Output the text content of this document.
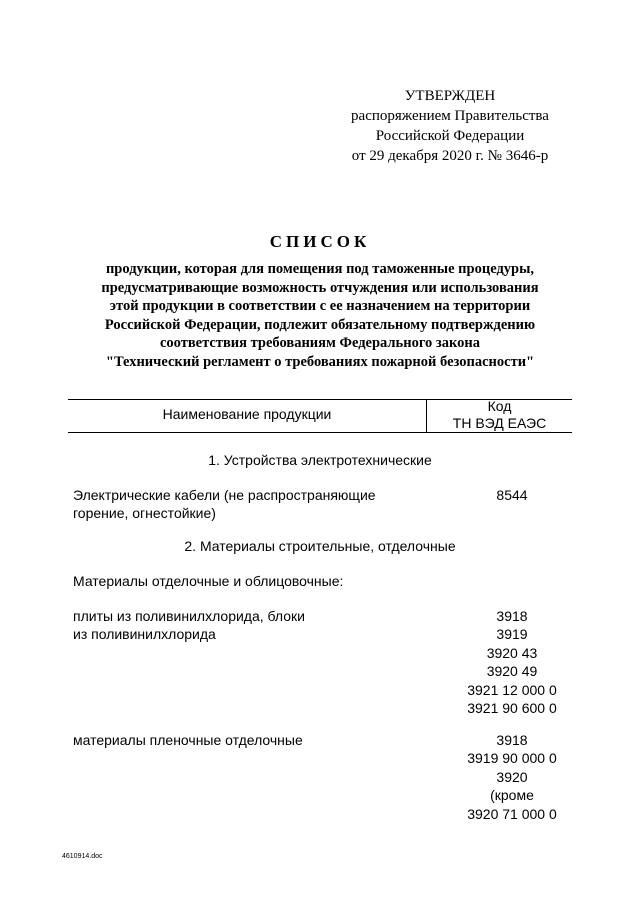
УТВЕРЖДЕН
распоряжением Правительства
Российской Федерации
от 29 декабря 2020 г. № 3646-р
СПИСОК
продукции, которая для помещения под таможенные процедуры,
предусматривающие возможность отчуждения или использования
этой продукции в соответствии с ее назначением на территории
Российской Федерации, подлежит обязательному подтверждению
соответствия требованиям Федерального закона
"Технический регламент о требованиях пожарной безопасности"
Наименование продукции	Код
ТН ВЭД ЕАЭС
1. Устройства электротехнические
Электрические кабели (не распространяющие
горение, огнестойкие)
8544
2. Материалы строительные, отделочные
Материалы отделочные и облицовочные:
плиты из поливинилхлорида, блоки
из поливинилхлорида
3918
3919
3920 43
3920 49
3921 12 000 0
3921 90 600 0
материалы пленочные отделочные	3918
3919 90 000 0
3920
(кроме
3920 71 000 0
4610914.doc
